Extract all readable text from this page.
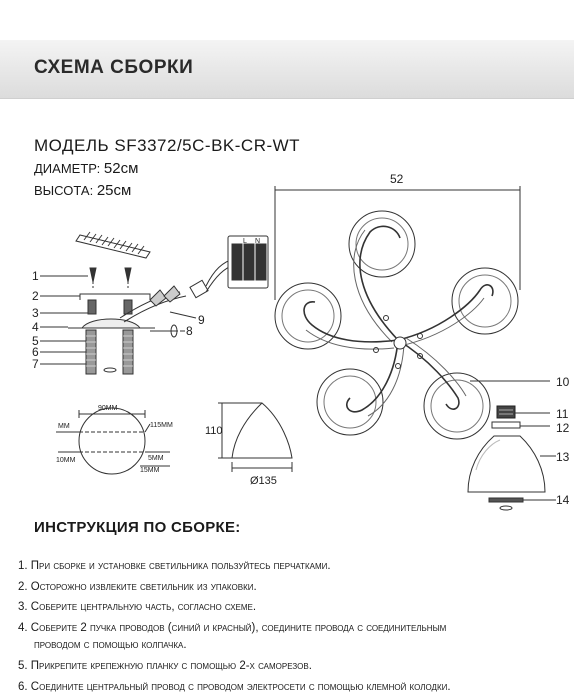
СХЕМА СБОРКИ
МОДЕЛЬ SF3372/5C-BK-CR-WT
ДИАМЕТР: 52см
ВЫСОТА: 25см
52
L N
90ММ
115ММ
ММ
10ММ	5ММ
15ММ
110
Ø135
1
2
3
4
5
6
7
8
9
10
11
12
13
14
ИНСТРУКЦИЯ ПО СБОРКЕ:
1. При сборке и установке светильника пользуйтесь перчатками.
2. Осторожно извлеките светильник из упаковки.
3. Соберите центральную часть, согласно схеме.
4. Соберите 2 пучка проводов (синий и красный), соедините провода с соединительным
проводом с помощью колпачка.
5. Прикрепите крепежную планку с помощью 2-х саморезов.
6. Соедините центральный провод с проводом электросети с помощью клемной колодки.
